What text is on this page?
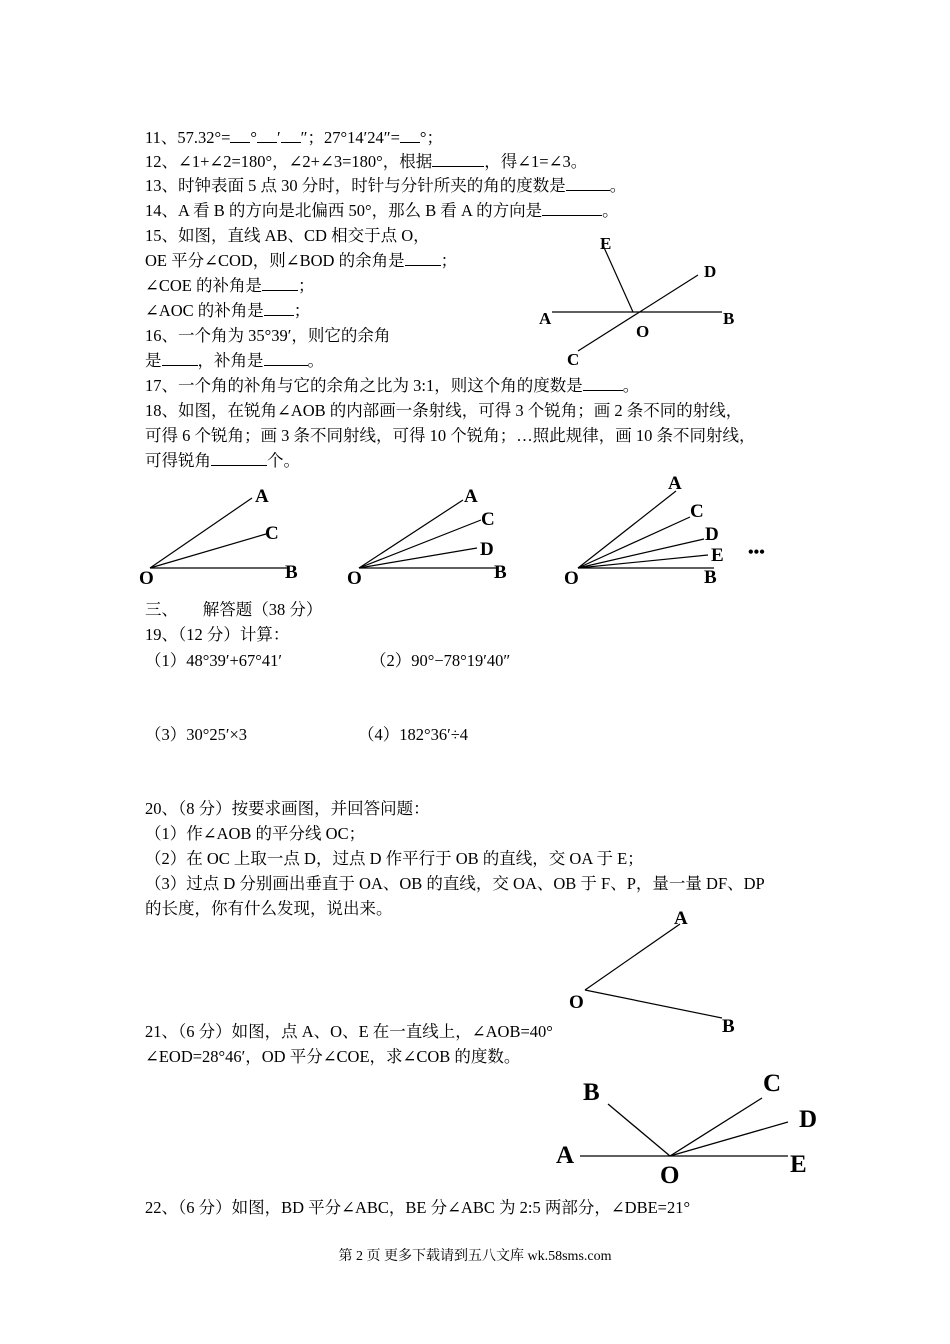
11、57.32°= ° ′ ″；27°14′24″= °；
12、∠1+∠2=180°，∠2+∠3=180°，根据	，得∠1=∠3。
13、时钟表面 5 点 30 分时，时针与分针所夹的角的度数是	。
14、A 看 B 的方向是北偏西 50°，那么 B 看 A 的方向是	。
15、如图，直线 AB、CD 相交于点 O，
OE 平分∠COD，则∠BOD 的余角是 ；
∠COE 的补角是 ；
∠AOC 的补角是 ；
16、一个角为 35°39′，则它的余角
是 ，补角是	。
17、一个角的补角与它的余角之比为 3:1，则这个角的度数是 。
18、如图，在锐角∠AOB 的内部画一条射线，可得 3 个锐角；画 2 条不同的射线，
可得 6 个锐角；画 3 条不同射线，可得 10 个锐角；…照此规律，画 10 条不同射线，
可得锐角	个。
E
D
A
O
B
C
A
C
O	B
A
C
D
O	B
A
C
D
E
O	B
•••
三、　　解答题（38 分）
19、（12 分）计算：
（1）48°39′+67°41′	（2）90°−78°19′40″
（3）30°25′×3	（4）182°36′÷4
20、（8 分）按要求画图，并回答问题：
（1）作∠AOB 的平分线 OC；
（2）在 OC 上取一点 D，过点 D 作平行于 OB 的直线，交 OA 于 E；
（3）过点 D 分别画出垂直于 OA、OB 的直线，交 OA、OB 于 F、P，量一量 DF、DP
的长度，你有什么发现，说出来。	A
O
B
21、（6 分）如图，点 A、O、E 在一直线上，∠AOB=40°
∠EOD=28°46′，OD 平分∠COE，求∠COB 的度数。
B	C
D
A
O	E
22、（6 分）如图，BD 平分∠ABC，BE 分∠ABC 为 2:5 两部分，∠DBE=21°
第 2 页 更多下载请到五八文库 wk.58sms.com
